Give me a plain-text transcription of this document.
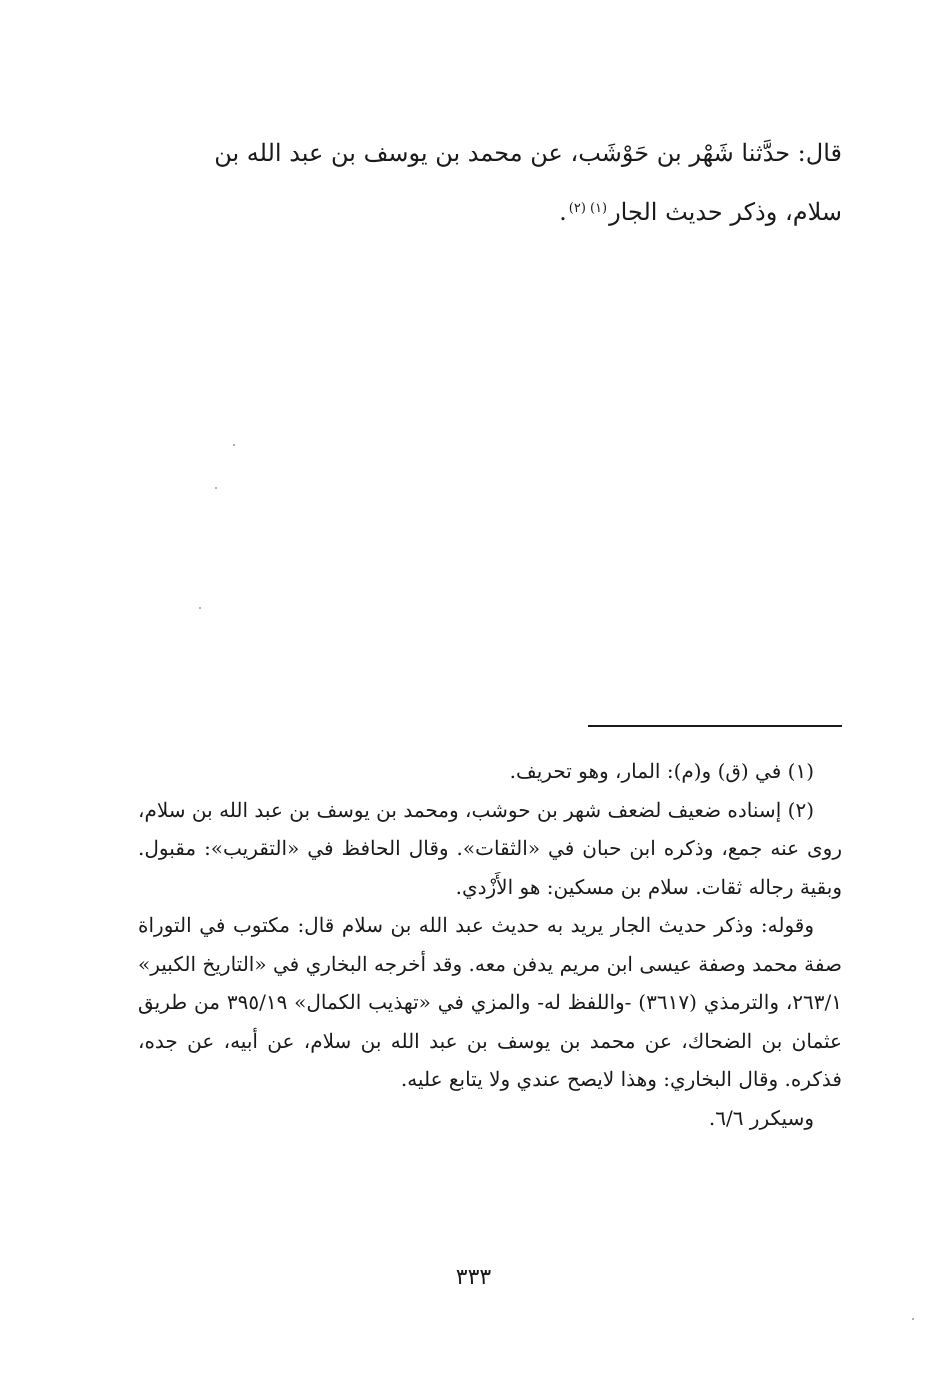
قال: حدَّثنا شَهْر بن حَوْشَب، عن محمد بن يوسف بن عبد الله بن

سلام، وذكر حديث الجار$^{(١)(٢)}$.

(١) في (ق) و(م): المار، وهو تحريف.

(٢) إسناده ضعيف لضعف شهر بن حوشب، ومحمد بن يوسف بن عبد الله بن سلام، روى عنه جمع، وذكره ابن حبان في «الثقات». وقال الحافظ في «التقريب»: مقبول. وبقية رجاله ثقات. سلام بن مسكين: هو الأَزْدي.

وقوله: وذكر حديث الجار يريد به حديث عبد الله بن سلام قال: مكتوب في التوراة صفة محمد وصفة عيسى ابن مريم يدفن معه. وقد أخرجه البخاري في «التاريخ الكبير» ٢٦٣/١، والترمذي (٣٦١٧) -واللفظ له- والمزي في «تهذيب الكمال» ٣٩٥/١٩ من طريق عثمان بن الضحاك، عن محمد بن يوسف بن عبد الله بن سلام، عن أبيه، عن جده، فذكره. وقال البخاري: وهذا لايصح عندي ولا يتابع عليه.

وسيكرر ٦/٦.

٣٣٣
